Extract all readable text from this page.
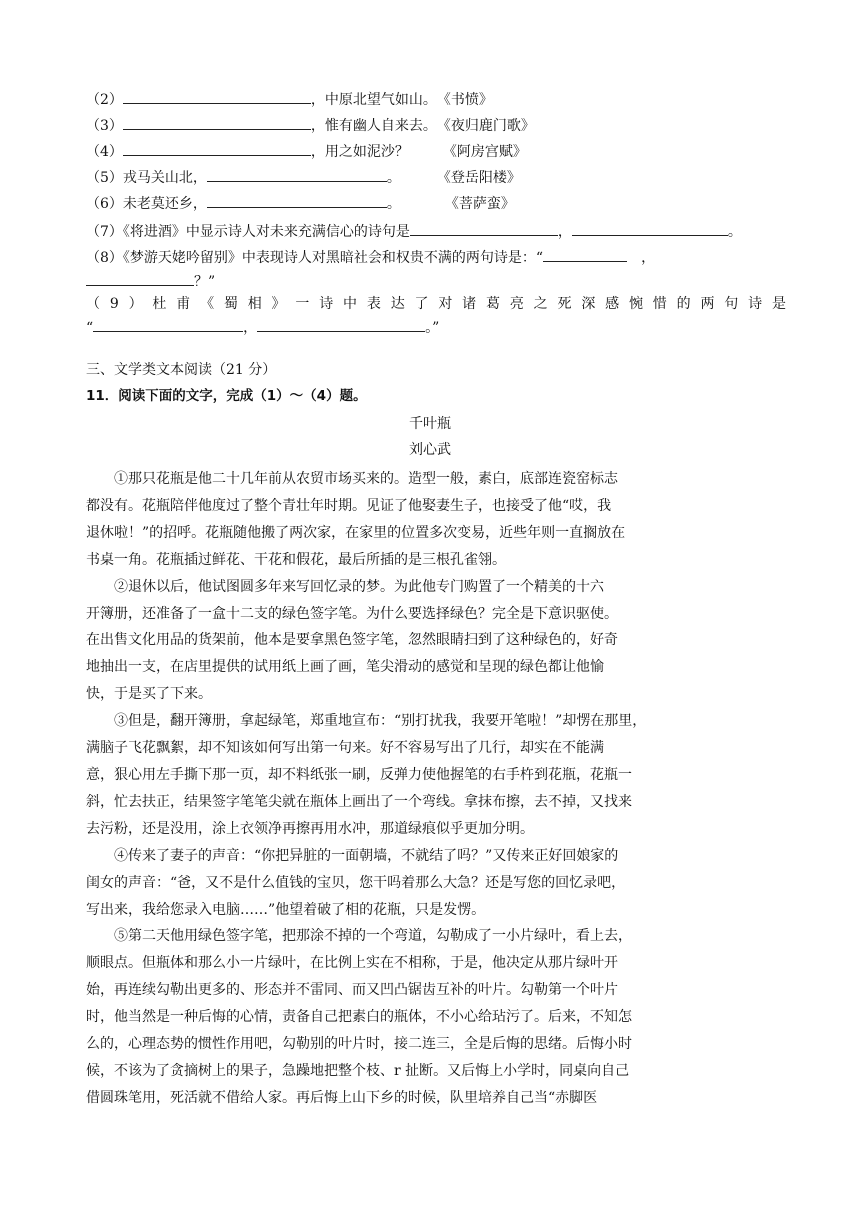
（2）	，中原北望气如山。《书愤》
（3）	，惟有幽人自来去。《夜归鹿门歌》
（4）	，用之如泥沙？ 《阿房宫赋》
（5）戎马关山北，	。	《登岳阳楼》
（6）未老莫还乡，	。	《菩萨蛮》
（7）《将进酒》中显示诗人对未来充满信心的诗句是	，	。
（8）《梦游天姥吟留别》中表现诗人对黑暗社会和权贵不满的两句诗是：“	，
？”
（ 9 ） 杜 甫 《 蜀 相 》 一 诗 中 表 达 了 对 诸 葛 亮 之 死 深 感 惋 惜 的 两 句 诗 是
“	，	。”
三、文学类文本阅读（21 分）
11．阅读下面的文字，完成（1）～（4）题。
千叶瓶
刘心武
①那只花瓶是他二十几年前从农贸市场买来的。造型一般，素白，底部连瓷窑标志
都没有。花瓶陪伴他度过了整个青壮年时期。见证了他娶妻生子，也接受了他“哎，我
退休啦！”的招呼。花瓶随他搬了两次家，在家里的位置多次变易，近些年则一直搁放在
书桌一角。花瓶插过鲜花、干花和假花，最后所插的是三根孔雀翎。
②退休以后，他试图圆多年来写回忆录的梦。为此他专门购置了一个精美的十六
开簿册，还准备了一盒十二支的绿色签字笔。为什么要选择绿色？完全是下意识驱使。
在出售文化用品的货架前，他本是要拿黑色签字笔，忽然眼睛扫到了这种绿色的，好奇
地抽出一支，在店里提供的试用纸上画了画，笔尖滑动的感觉和呈现的绿色都让他愉
快，于是买了下来。
③但是，翻开簿册，拿起绿笔，郑重地宣布：“别打扰我，我要开笔啦！”却愣在那里，
满脑子飞花飘絮，却不知该如何写出第一句来。好不容易写出了几行，却实在不能满
意，狠心用左手撕下那一页，却不料纸张一刷，反弹力使他握笔的右手杵到花瓶，花瓶一
斜，忙去扶正，结果签字笔笔尖就在瓶体上画出了一个弯线。拿抹布擦，去不掉，又找来
去污粉，还是没用，涂上衣领净再擦再用水冲，那道绿痕似乎更加分明。
④传来了妻子的声音：“你把异脏的一面朝墙，不就结了吗？”又传来正好回娘家的
闺女的声音：“爸，又不是什么值钱的宝贝，您干吗着那么大急？还是写您的回忆录吧，
写出来，我给您录入电脑……”他望着破了相的花瓶，只是发愣。
⑤第二天他用绿色签字笔，把那涂不掉的一个弯道，勾勒成了一小片绿叶，看上去，
顺眼点。但瓶体和那么小一片绿叶，在比例上实在不相称，于是，他决定从那片绿叶开
始，再连续勾勒出更多的、形态并不雷同、而又凹凸锯齿互补的叶片。勾勒第一个叶片
时，他当然是一种后悔的心情，责备自己把素白的瓶体，不小心给玷污了。后来，不知怎
么的，心理态势的惯性作用吧，勾勒别的叶片时，接二连三，全是后悔的思绪。后悔小时
候，不该为了贪摘树上的果子，急躁地把整个枝、r 扯断。又后悔上小学时，同桌向自己
借圆珠笔用，死活就不借给人家。再后悔上山下乡的时候，队里培养自己当“赤脚医
